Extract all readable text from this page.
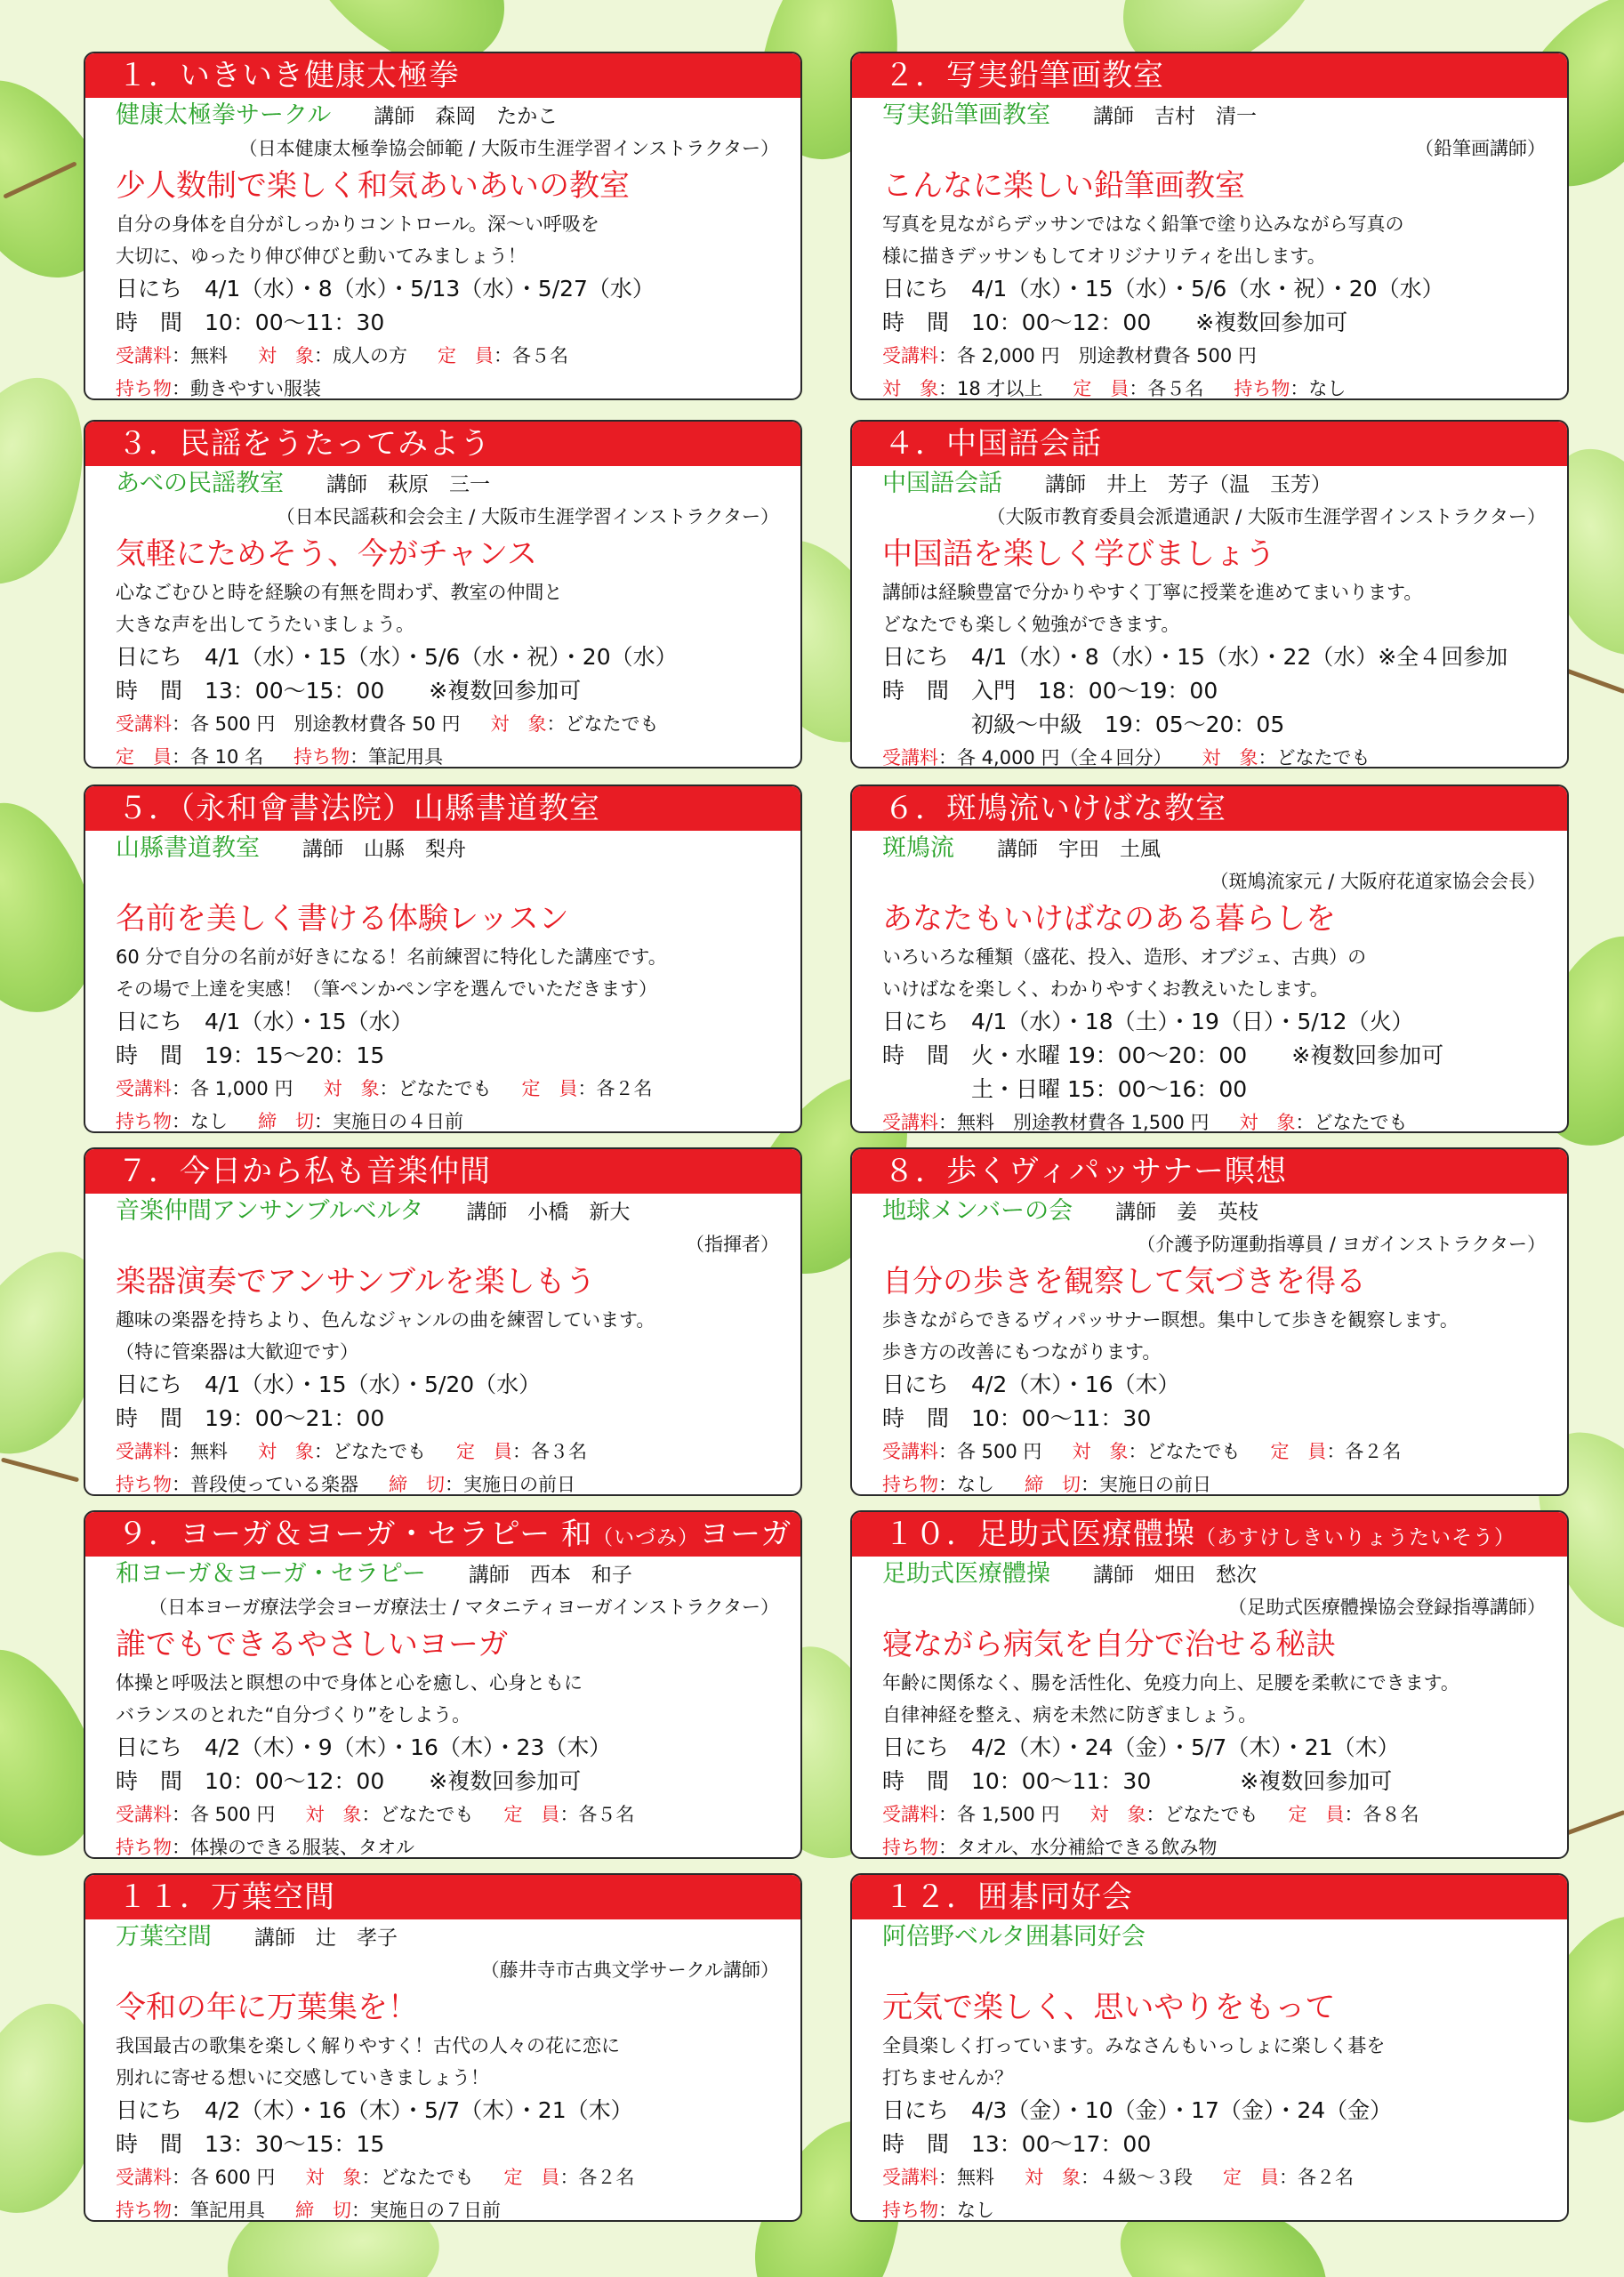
１．いきいき健康太極拳
健康太極拳サークル 講師　森岡　たかこ
（日本健康太極拳協会師範 / 大阪市生涯学習インストラクター）
少人数制で楽しく和気あいあいの教室
自分の身体を自分がしっかりコントロール。深〜い呼吸を
大切に、ゆったり伸び伸びと動いてみましょう！
日にち　4/1（水）・8（水）・5/13（水）・5/27（水）
時　間　10：00〜11：30
受講料：無料 対　象：成人の方 定　員：各５名
持ち物：動きやすい服装
２．写実鉛筆画教室
写実鉛筆画教室 講師　吉村　清一
（鉛筆画講師）
こんなに楽しい鉛筆画教室
写真を見ながらデッサンではなく鉛筆で塗り込みながら写真の
様に描きデッサンもしてオリジナリティを出します。
日にち　4/1（水）・15（水）・5/6（水・祝）・20（水）
時　間　10：00〜12：00　　※複数回参加可
受講料：各 2,000 円　別途教材費各 500 円
対　象：18 才以上 定　員：各５名 持ち物：なし
３．民謡をうたってみよう
あべの民謡教室 講師　萩原　三一
（日本民謡萩和会会主 / 大阪市生涯学習インストラクター）
気軽にためそう、今がチャンス
心なごむひと時を経験の有無を問わず、教室の仲間と
大きな声を出してうたいましょう。
日にち　4/1（水）・15（水）・5/6（水・祝）・20（水）
時　間　13：00〜15：00　　※複数回参加可
受講料：各 500 円　別途教材費各 50 円 対　象：どなたでも
定　員：各 10 名 持ち物：筆記用具
４．中国語会話
中国語会話 講師　井上　芳子（温　玉芳）
（大阪市教育委員会派遣通訳 / 大阪市生涯学習インストラクター）
中国語を楽しく学びましょう
講師は経験豊富で分かりやすく丁寧に授業を進めてまいります。
どなたでも楽しく勉強ができます。
日にち　4/1（水）・8（水）・15（水）・22（水）※全４回参加
時　間　入門　18：00〜19：00
　　　　初級〜中級　19：05〜20：05
受講料：各 4,000 円（全４回分） 対　象：どなたでも
５．（永和會書法院）山縣書道教室
山縣書道教室 講師　山縣　梨舟
名前を美しく書ける体験レッスン
60 分で自分の名前が好きになる！名前練習に特化した講座です。
その場で上達を実感！（筆ペンかペン字を選んでいただきます）
日にち　4/1（水）・15（水）
時　間　19：15〜20：15
受講料：各 1,000 円 対　象：どなたでも 定　員：各２名
持ち物：なし 締　切：実施日の４日前
６．斑鳩流いけばな教室
斑鳩流 講師　宇田　土風
（斑鳩流家元 / 大阪府花道家協会会長）
あなたもいけばなのある暮らしを
いろいろな種類（盛花、投入、造形、オブジェ、古典）の
いけばなを楽しく、わかりやすくお教えいたします。
日にち　4/1（水）・18（土）・19（日）・5/12（火）
時　間　火・水曜 19：00〜20：00　　※複数回参加可
　　　　土・日曜 15：00〜16：00
受講料：無料　別途教材費各 1,500 円 対　象：どなたでも
７．今日から私も音楽仲間
音楽仲間アンサンブルベルタ 講師　小橋　新大
（指揮者）
楽器演奏でアンサンブルを楽しもう
趣味の楽器を持ちより、色んなジャンルの曲を練習しています。
（特に管楽器は大歓迎です）
日にち　4/1（水）・15（水）・5/20（水）
時　間　19：00〜21：00
受講料：無料 対　象：どなたでも 定　員：各３名
持ち物：普段使っている楽器 締　切：実施日の前日
８．歩くヴィパッサナー瞑想
地球メンバーの会 講師　姜　英枝
（介護予防運動指導員 / ヨガインストラクター）
自分の歩きを観察して気づきを得る
歩きながらできるヴィパッサナー瞑想。集中して歩きを観察します。
歩き方の改善にもつながります。
日にち　4/2（木）・16（木）
時　間　10：00〜11：30
受講料：各 500 円 対　象：どなたでも 定　員：各２名
持ち物：なし 締　切：実施日の前日
９．ヨーガ＆ヨーガ・セラピー 和（いづみ）ヨーガ
和ヨーガ＆ヨーガ・セラピー 講師　西本　和子
（日本ヨーガ療法学会ヨーガ療法士 / マタニティヨーガインストラクター）
誰でもできるやさしいヨーガ
体操と呼吸法と瞑想の中で身体と心を癒し、心身ともに
バランスのとれた“自分づくり”をしよう。
日にち　4/2（木）・9（木）・16（木）・23（木）
時　間　10：00〜12：00　　※複数回参加可
受講料：各 500 円 対　象：どなたでも 定　員：各５名
持ち物：体操のできる服装、タオル
１０．足助式医療體操（あすけしきいりょうたいそう）
足助式医療體操 講師　畑田　愁次
（足助式医療體操協会登録指導講師）
寝ながら病気を自分で治せる秘訣
年齢に関係なく、腸を活性化、免疫力向上、足腰を柔軟にできます。
自律神経を整え、病を未然に防ぎましょう。
日にち　4/2（木）・24（金）・5/7（木）・21（木）
時　間　10：00〜11：30　　　　※複数回参加可
受講料：各 1,500 円 対　象：どなたでも 定　員：各８名
持ち物：タオル、水分補給できる飲み物
１１．万葉空間
万葉空間 講師　辻　孝子
（藤井寺市古典文学サークル講師）
令和の年に万葉集を！
我国最古の歌集を楽しく解りやすく！古代の人々の花に恋に
別れに寄せる想いに交感していきましょう！
日にち　4/2（木）・16（木）・5/7（木）・21（木）
時　間　13：30〜15：15
受講料：各 600 円 対　象：どなたでも 定　員：各２名
持ち物：筆記用具 締　切：実施日の７日前
１２．囲碁同好会
阿倍野ベルタ囲碁同好会
元気で楽しく、思いやりをもって
全員楽しく打っています。みなさんもいっしょに楽しく碁を
打ちませんか？
日にち　4/3（金）・10（金）・17（金）・24（金）
時　間　13：00〜17：00
受講料：無料 対　象：４級〜３段 定　員：各２名
持ち物：なし
